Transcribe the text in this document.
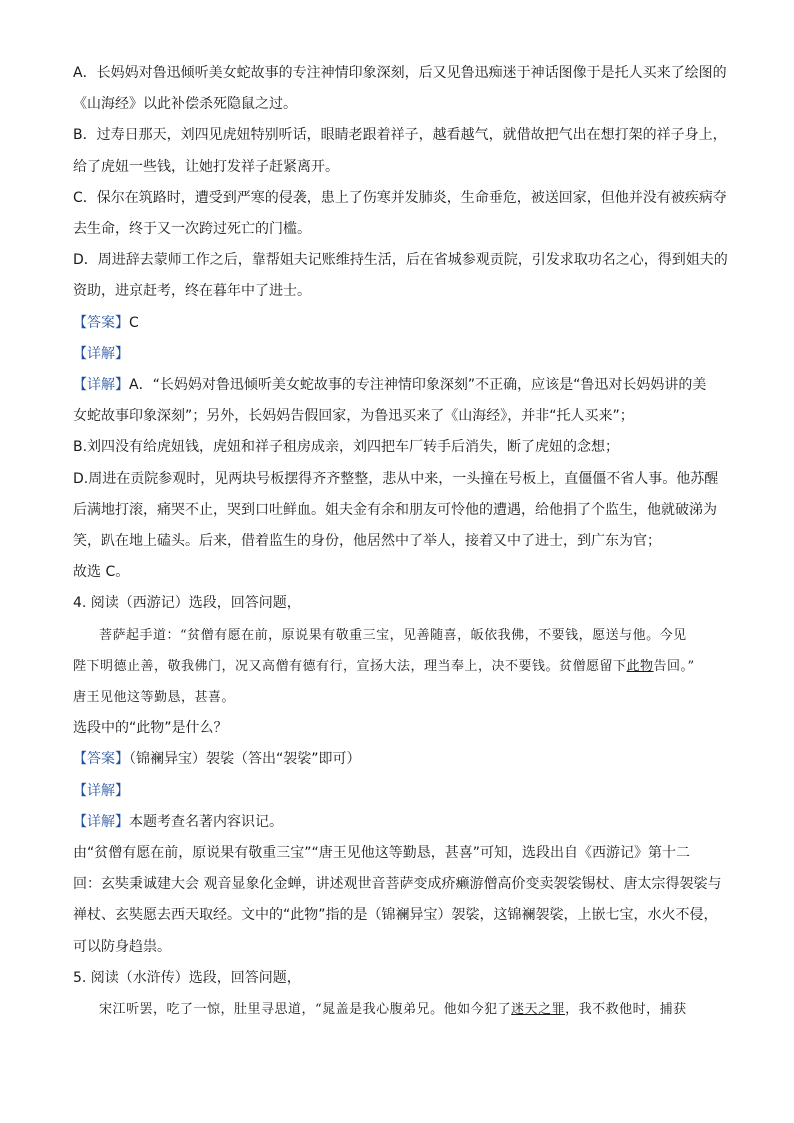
A．长妈妈对鲁迅倾听美女蛇故事的专注神情印象深刻，后又见鲁迅痴迷于神话图像于是托人买来了绘图的
《山海经》以此补偿杀死隐鼠之过。
B．过寿日那天，刘四见虎妞特别听话，眼睛老跟着祥子，越看越气，就借故把气出在想打架的祥子身上，
给了虎妞一些钱，让她打发祥子赶紧离开。
C．保尔在筑路时，遭受到严寒的侵袭，患上了伤寒并发肺炎，生命垂危，被送回家，但他并没有被疾病夺
去生命，终于又一次跨过死亡的门槛。
D．周进辞去蒙师工作之后，靠帮姐夫记账维持生活，后在省城参观贡院，引发求取功名之心，得到姐夫的
资助，进京赶考，终在暮年中了进士。
【答案】C
【详解】
【详解】A．“长妈妈对鲁迅倾听美女蛇故事的专注神情印象深刻”不正确，应该是“鲁迅对长妈妈讲的美
女蛇故事印象深刻”；另外，长妈妈告假回家，为鲁迅买来了《山海经》，并非“托人买来”；
B.刘四没有给虎妞钱，虎妞和祥子租房成亲，刘四把车厂转手后消失，断了虎妞的念想；
D.周进在贡院参观时，见两块号板摆得齐齐整整，悲从中来，一头撞在号板上，直僵僵不省人事。他苏醒
后满地打滚，痛哭不止，哭到口吐鲜血。姐夫金有余和朋友可怜他的遭遇，给他捐了个监生，他就破涕为
笑，趴在地上磕头。后来，借着监生的身份，他居然中了举人，接着又中了进士，到广东为官；
故选 C。
4. 阅读（西游记）选段，回答问题，
菩萨起手道：“贫僧有愿在前，原说果有敬重三宝，见善随喜，皈依我佛，不要钱，愿送与他。今见
陛下明德止善，敬我佛门，况又高僧有德有行，宣扬大法，理当奉上，决不要钱。贫僧愿留下此物告回。”
唐王见他这等勤恳，甚喜。
选段中的“此物”是什么？
【答案】（锦襕异宝）袈裟（答出“袈裟”即可）
【详解】
【详解】本题考查名著内容识记。
由“贫僧有愿在前，原说果有敬重三宝”“唐王见他这等勤恳，甚喜”可知，选段出自《西游记》第十二
回：玄奘秉诚建大会 观音显象化金蝉，讲述观世音菩萨变成疥癞游僧高价变卖袈裟锡杖、唐太宗得袈裟与
禅杖、玄奘愿去西天取经。文中的“此物”指的是（锦襕异宝）袈裟，这锦襕袈裟，上嵌七宝，水火不侵，
可以防身趋祟。
5. 阅读（水浒传）选段，回答问题，
宋江听罢，吃了一惊，肚里寻思道，“晁盖是我心腹弟兄。他如今犯了迷天之罪，我不救他时，捕获
